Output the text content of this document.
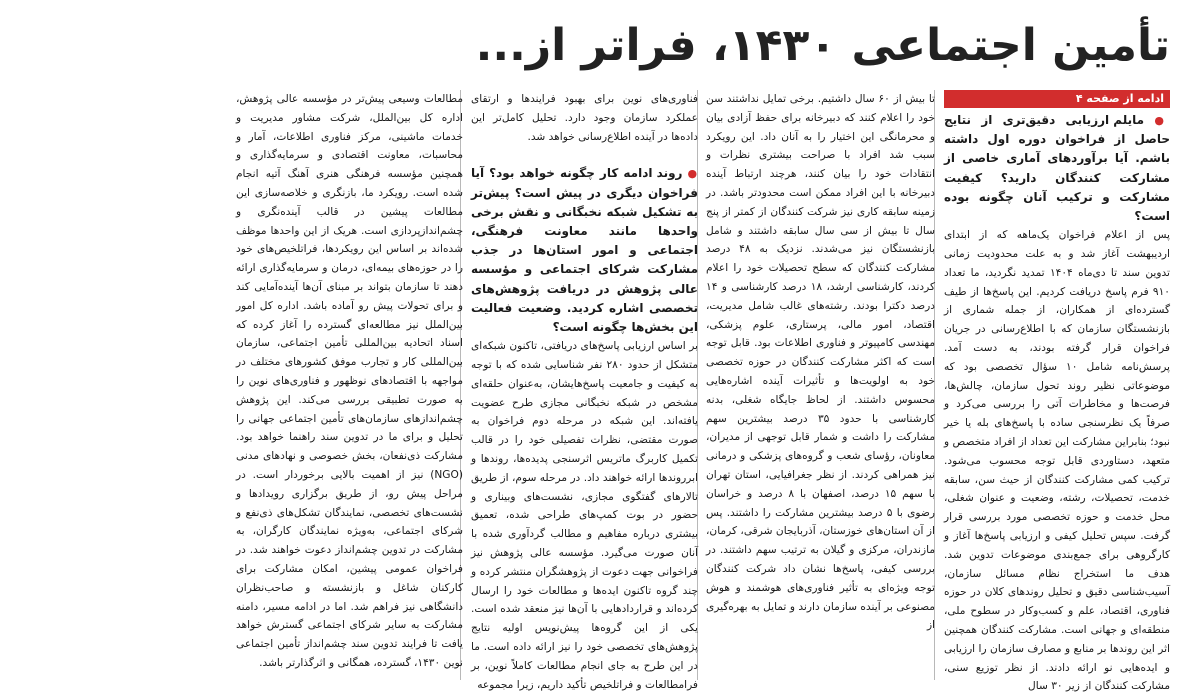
تأمین اجتماعی ۱۴۳۰، فراتر از...
ادامه از صفحه ۴

● مایلم ارزیابی دقیق‌تری از نتایج حاصل از فراخوان دوره اول داشته باشم. آیا برآوردهای آماری خاصی از مشارکت کنندگان دارید؟ کیفیت مشارکت و ترکیب آنان چگونه بوده است؟

پس از اعلام فراخوان یک‌ماهه که از ابتدای اردیبهشت آغاز شد و به علت محدودیت زمانی تدوین سند تا دی‌ماه ۱۴۰۴ تمدید نگردید، ما تعداد ۹۱۰ فرم پاسخ دریافت کردیم. این پاسخ‌ها از طیف گسترده‌ای از همکاران، از جمله شماری از بازنشستگان سازمان که با اطلاع‌رسانی در جریان فراخوان قرار گرفته بودند، به دست آمد. پرسش‌نامه شامل ۱۰ سؤال تخصصی بود که موضوعاتی نظیر روند تحول سازمان، چالش‌ها، فرصت‌ها و مخاطرات آتی را بررسی می‌کرد و صرفاً یک نظرسنجی ساده با پاسخ‌های بله یا خیر نبود؛ بنابراین مشارکت این تعداد از افراد متخصص و متعهد، دستاوردی قابل توجه محسوب می‌شود. ترکیب کمی مشارکت کنندگان از حیث سن، سابقه خدمت، تحصیلات، رشته، وضعیت و عنوان شغلی، محل خدمت و حوزه تخصصی مورد بررسی قرار گرفت. سپس تحلیل کیفی و ارزیابی پاسخ‌ها آغاز و کارگروهی برای جمع‌بندی موضوعات تدوین شد. هدف ما استخراج نظام مسائل سازمان، آسیب‌شناسی دقیق و تحلیل روندهای کلان در حوزه فناوری، اقتصاد، علم و کسب‌وکار در سطوح ملی، منطقه‌ای و جهانی است. مشارکت کنندگان همچنین اثر این روندها بر منابع و مصارف سازمان را ارزیابی و ایده‌هایی نو ارائه دادند. از نظر توزیع سنی، مشارکت کنندگان از زیر ۳۰ سال

تا بیش از ۶۰ سال داشتیم. برخی تمایل نداشتند سن خود را اعلام کنند که دبیرخانه برای حفظ آزادی بیان و محرمانگی این اختیار را به آنان داد. این رویکرد سبب شد افراد با صراحت بیشتری نظرات و انتقادات خود را بیان کنند، هرچند ارتباط آینده دبیرخانه با این افراد ممکن است محدودتر باشد. در زمینه سابقه کاری نیز شرکت کنندگان از کمتر از پنج سال تا بیش از سی سال سابقه داشتند و شامل بازنشستگان نیز می‌شدند. نزدیک به ۴۸ درصد مشارکت کنندگان که سطح تحصیلات خود را اعلام کردند، کارشناسی ارشد، ۱۸ درصد کارشناسی و ۱۴ درصد دکترا بودند. رشته‌های غالب شامل مدیریت، اقتصاد، امور مالی، پرستاری، علوم پزشکی، مهندسی کامپیوتر و فناوری اطلاعات بود. قابل توجه است که اکثر مشارکت کنندگان در حوزه تخصصی خود به اولویت‌ها و تأثیرات آینده اشاره‌هایی محسوس داشتند. از لحاظ جایگاه شغلی، بدنه کارشناسی با حدود ۳۵ درصد بیشترین سهم مشارکت را داشت و شمار قابل توجهی از مدیران، معاونان، رؤسای شعب و گروه‌های پزشکی و درمانی نیز همراهی کردند. از نظر جغرافیایی، استان تهران با سهم ۱۵ درصد، اصفهان با ۸ درصد و خراسان رضوی با ۵ درصد بیشترین مشارکت را داشتند. پس از آن استان‌های خوزستان، آذربایجان شرقی، کرمان، مازندران، مرکزی و گیلان به ترتیب سهم داشتند. در بررسی کیفی، پاسخ‌ها نشان داد شرکت کنندگان توجه ویژه‌ای به تأثیر فناوری‌های هوشمند و هوش مصنوعی بر آینده سازمان دارند و تمایل به بهره‌گیری از

فناوری‌های نوین برای بهبود فرایندها و ارتقای عملکرد سازمان وجود دارد. تحلیل کامل‌تر این داده‌ها در آینده اطلاع‌رسانی خواهد شد.

● روند ادامه کار چگونه خواهد بود؟ آیا فراخوان دیگری در پیش است؟ پیش‌تر به تشکیل شبکه نخبگانی و نقش برخی واحدها مانند معاونت فرهنگی، اجتماعی و امور استان‌ها در جذب مشارکت شرکای اجتماعی و مؤسسه عالی پژوهش در دریافت پژوهش‌های تخصصی اشاره کردید. وضعیت فعالیت این بخش‌ها چگونه است؟

بر اساس ارزیابی پاسخ‌های دریافتی، تاکنون شبکه‌ای متشکل از حدود ۲۸۰ نفر شناسایی شده که با توجه به کیفیت و جامعیت پاسخ‌هایشان، به‌عنوان حلقه‌ای مشخص در شبکه نخبگانی مجازی طرح عضویت یافته‌اند. این شبکه در مرحله دوم فراخوان به صورت مقتضی، نظرات تفصیلی خود را در قالب تکمیل کاربرگ ماتریس اثرسنجی پدیده‌ها، روندها و ابرروندها ارائه خواهند داد. در مرحله سوم، از طریق تالارهای گفتگوی مجازی، نشست‌های وبیناری و حضور در بوت کمپ‌های طراحی شده، تعمیق بیشتری درباره مفاهیم و مطالب گردآوری شده با آنان صورت می‌گیرد. مؤسسه عالی پژوهش نیز فراخوانی جهت دعوت از پژوهشگران منتشر کرده و چند گروه تاکنون ایده‌ها و مطالعات خود را ارسال کرده‌اند و قراردادهایی با آن‌ها نیز منعقد شده است. یکی از این گروه‌ها پیش‌نویس اولیه نتایج پژوهش‌های تخصصی خود را نیز ارائه داده است. ما در این طرح به جای انجام مطالعات کاملاً نوین، بر فرامطالعات و فراتلخیص تأکید داریم، زیرا مجموعه

مطالعات وسیعی پیش‌تر در مؤسسه عالی پژوهش، اداره کل بین‌الملل، شرکت مشاور مدیریت و خدمات ماشینی، مرکز فناوری اطلاعات، آمار و محاسبات، معاونت اقتصادی و سرمایه‌گذاری و همچنین مؤسسه فرهنگی هنری آهنگ آتیه انجام شده است. رویکرد ما، بازنگری و خلاصه‌سازی این مطالعات پیشین در قالب آینده‌نگری و چشم‌اندازپردازی است. هریک از این واحدها موظف شده‌اند بر اساس این رویکردها، فراتلخیص‌های خود را در حوزه‌های بیمه‌ای، درمان و سرمایه‌گذاری ارائه دهند تا سازمان بتواند بر مبنای آن‌ها آینده‌آمایی کند و برای تحولات پیش رو آماده باشد. اداره کل امور بین‌الملل نیز مطالعه‌ای گسترده را آغاز کرده که اسناد اتحادیه بین‌المللی تأمین اجتماعی، سازمان بین‌المللی کار و تجارب موفق کشورهای مختلف در مواجهه با اقتصادهای نوظهور و فناوری‌های نوین را به صورت تطبیقی بررسی می‌کند. این پژوهش چشم‌اندازهای سازمان‌های تأمین اجتماعی جهانی را تحلیل و برای ما در تدوین سند راهنما خواهد بود. مشارکت ذی‌نفعان، بخش خصوصی و نهادهای مدنی (NGO) نیز از اهمیت بالایی برخوردار است. در مراحل پیش رو، از طریق برگزاری رویدادها و نشست‌های تخصصی، نمایندگان تشکل‌های ذی‌نفع و شرکای اجتماعی، به‌ویژه نمایندگان کارگران، به مشارکت در تدوین چشم‌انداز دعوت خواهند شد. در فراخوان عمومی پیشین، امکان مشارکت برای کارکنان شاغل و بازنشسته و صاحب‌نظران دانشگاهی نیز فراهم شد. اما در ادامه مسیر، دامنه مشارکت به سایر شرکای اجتماعی گسترش خواهد یافت تا فرایند تدوین سند چشم‌انداز تأمین اجتماعی نوین ۱۴۳۰، گسترده، همگانی و اثرگذارتر باشد.
